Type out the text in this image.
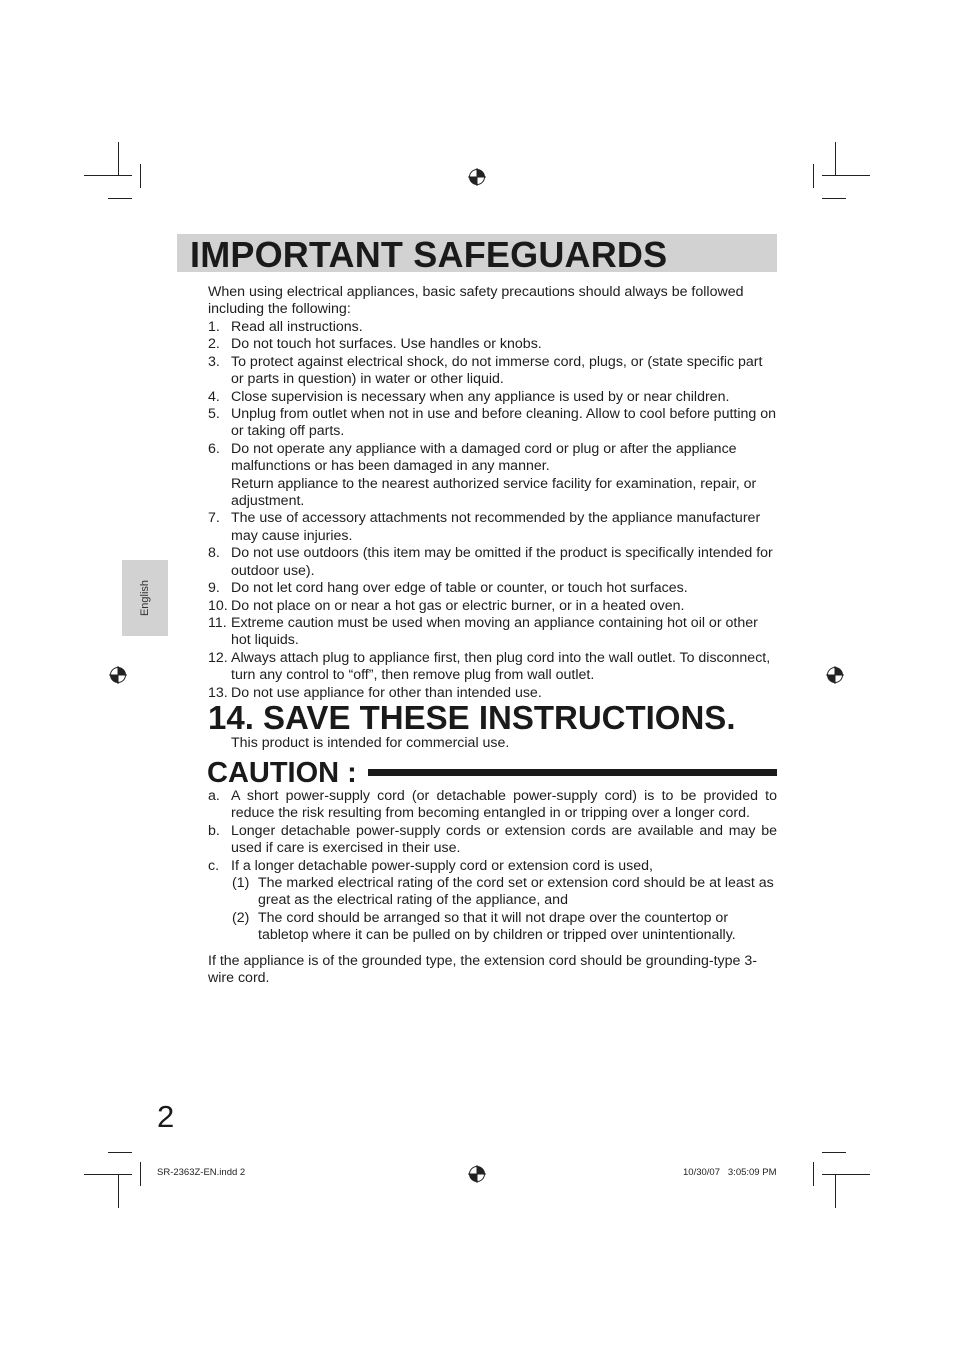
IMPORTANT SAFEGUARDS
English
When using electrical appliances, basic safety precautions should always be followed including the following:
1. Read all instructions.
2. Do not touch hot surfaces. Use handles or knobs.
3. To protect against electrical shock, do not immerse cord, plugs, or (state specific part or parts in question) in water or other liquid.
4. Close supervision is necessary when any appliance is used by or near children.
5. Unplug from outlet when not in use and before cleaning. Allow to cool before putting on or taking off parts.
6. Do not operate any appliance with a damaged cord or plug or after the appliance malfunctions or has been damaged in any manner.
Return appliance to the nearest authorized service facility for examination, repair, or adjustment.
7. The use of accessory attachments not recommended by the appliance manufacturer may cause injuries.
8. Do not use outdoors (this item may be omitted if the product is specifically intended for outdoor use).
9. Do not let cord hang over edge of table or counter, or touch hot surfaces.
10. Do not place on or near a hot gas or electric burner, or in a heated oven.
11. Extreme caution must be used when moving an appliance containing hot oil or other hot liquids.
12. Always attach plug to appliance first, then plug cord into the wall outlet. To disconnect, turn any control to “off”, then remove plug from wall outlet.
13. Do not use appliance for other than intended use.
14. SAVE THESE INSTRUCTIONS.
This product is intended for commercial use.
CAUTION :
a. A short power-supply cord (or detachable power-supply cord) is to be provided to reduce the risk resulting from becoming entangled in or tripping over a longer cord.
b. Longer detachable power-supply cords or extension cords are available and may be used if care is exercised in their use.
c. If a longer detachable power-supply cord or extension cord is used,
(1) The marked electrical rating of the cord set or extension cord should be at least as great as the electrical rating of the appliance, and
(2) The cord should be arranged so that it will not drape over the countertop or tabletop where it can be pulled on by children or tripped over unintentionally.
If the appliance is of the grounded type, the extension cord should be grounding-type 3-wire cord.
2
SR-2363Z-EN.indd 2	10/30/07   3:05:09 PM
